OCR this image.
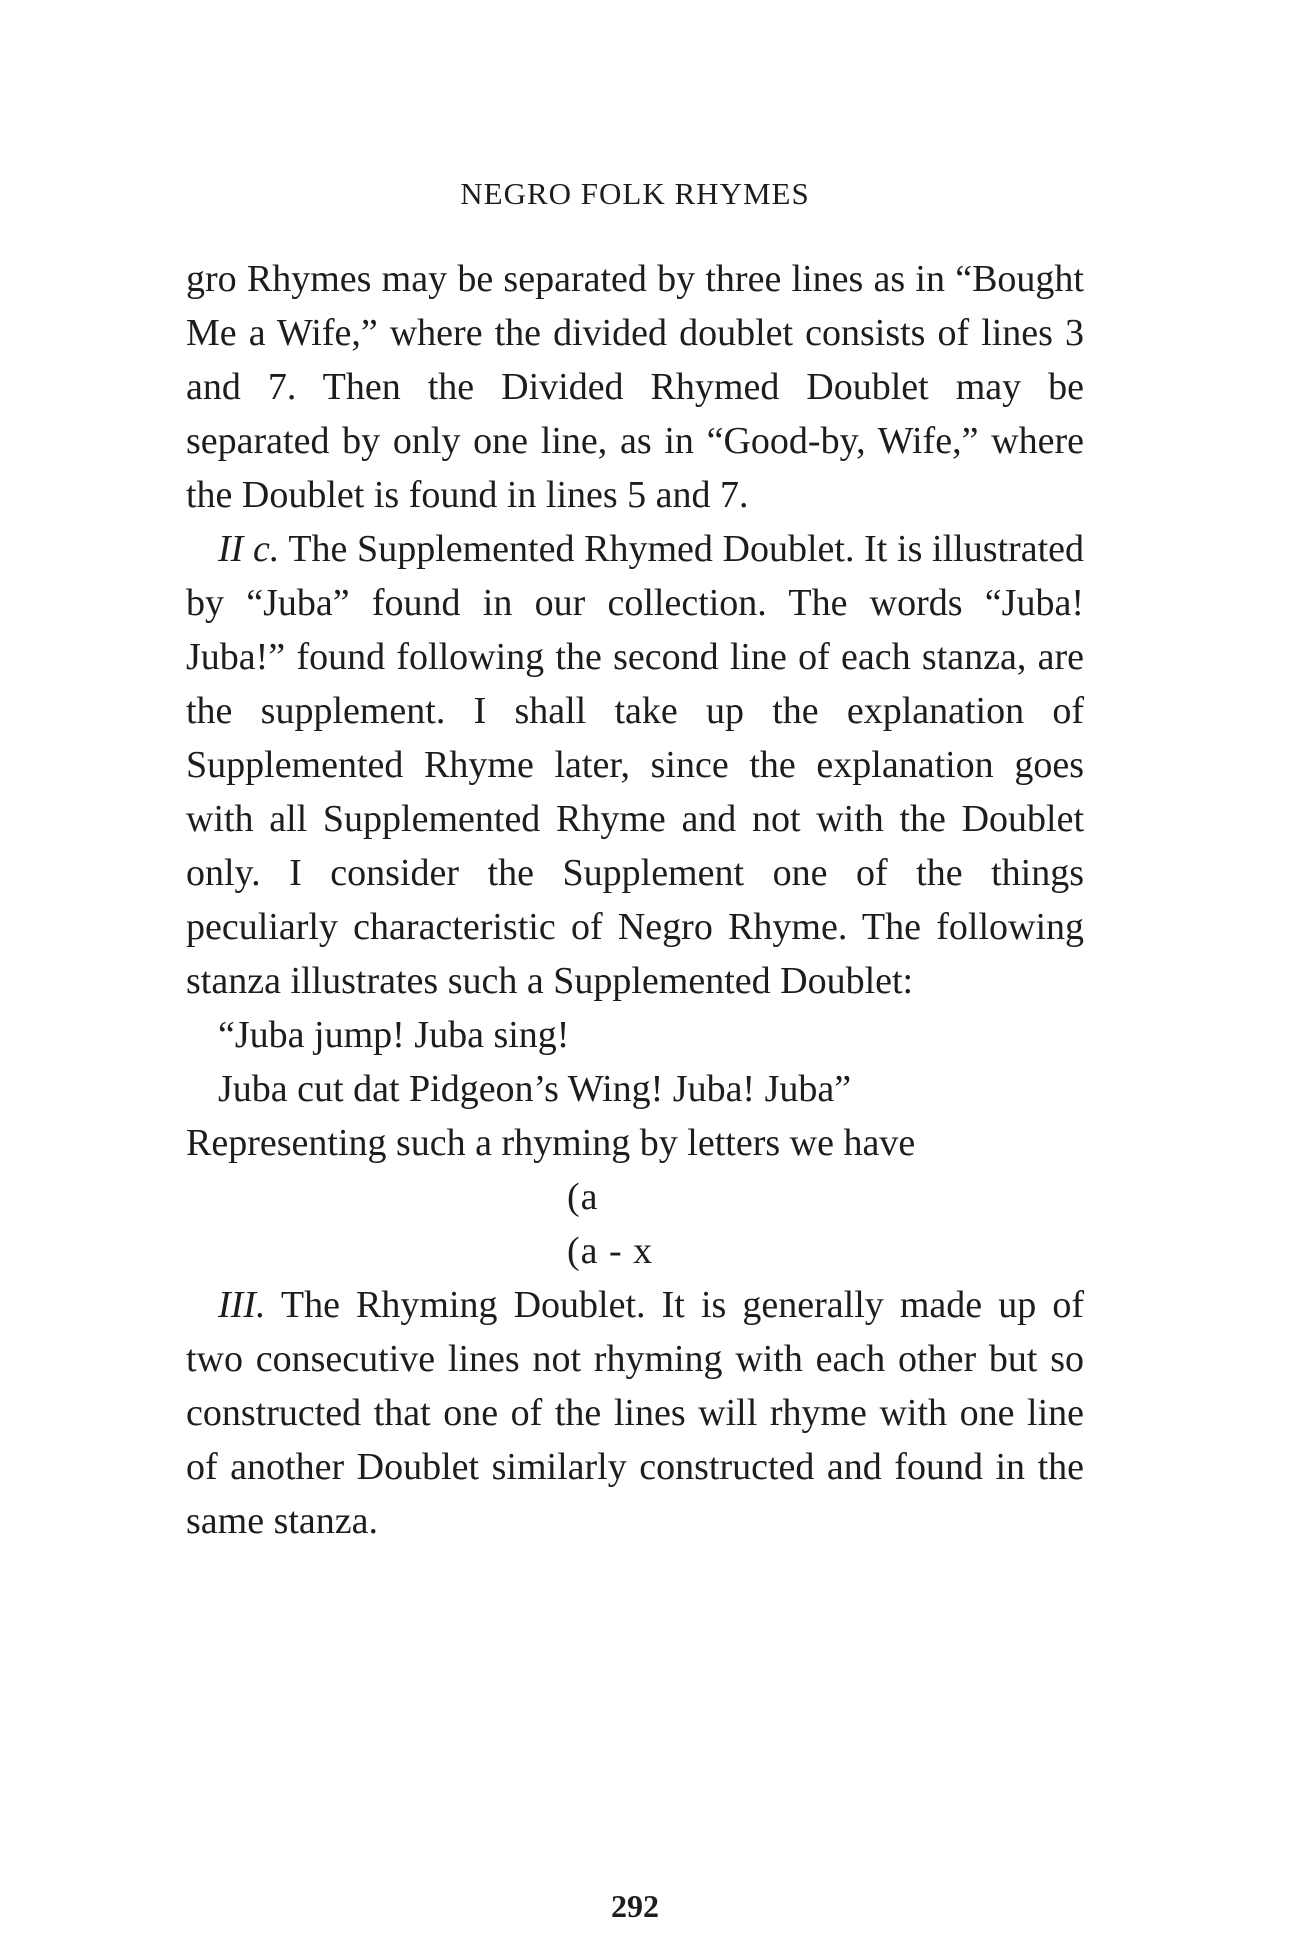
NEGRO FOLK RHYMES

gro Rhymes may be separated by three lines as in “Bought Me a Wife,” where the divided doublet consists of lines 3 and 7. Then the Divided Rhymed Doublet may be separated by only one line, as in “Good-by, Wife,” where the Doublet is found in lines 5 and 7.

II c. The Supplemented Rhymed Doublet. It is illustrated by “Juba” found in our collection. The words “Juba! Juba!” found following the second line of each stanza, are the supplement. I shall take up the explanation of Supplemented Rhyme later, since the explanation goes with all Supplemented Rhyme and not with the Doublet only. I consider the Supplement one of the things peculiarly characteristic of Negro Rhyme. The following stanza illustrates such a Supplemented Doublet:

“Juba jump! Juba sing!

Juba cut dat Pidgeon’s Wing! Juba! Juba”

Representing such a rhyming by letters we have

(a

(a - x

III. The Rhyming Doublet. It is generally made up of two consecutive lines not rhyming with each other but so constructed that one of the lines will rhyme with one line of another Doublet similarly constructed and found in the same stanza.

292
